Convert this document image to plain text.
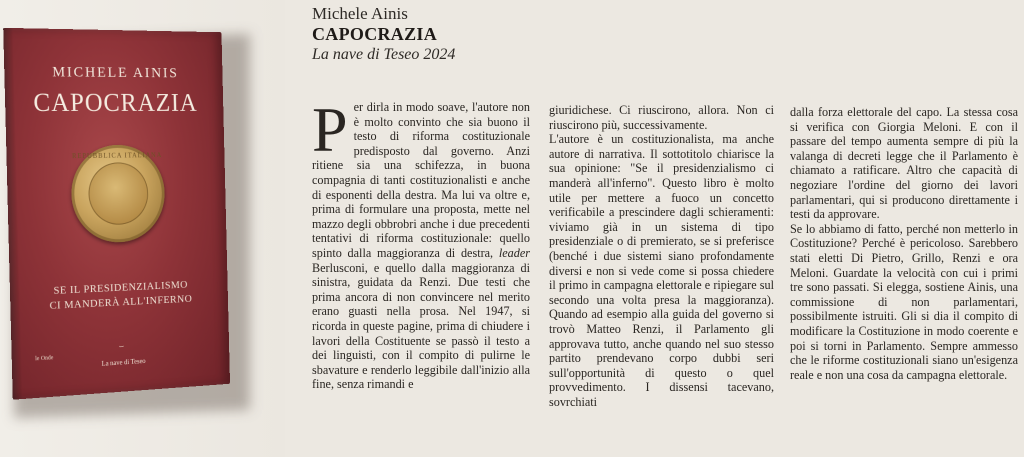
MICHELE AINIS
CAPOCRAZIA
REPUBBLICA ITALIANA
SE IL PRESIDENZIALISMO
CI MANDERÀ ALL'INFERNO
le Onde
⌣
La nave di Teseo
Michele Ainis
CAPOCRAZIA
La nave di Teseo 2024

Per dirla in modo soave, l'autore non è molto convinto che sia buono il testo di riforma costituzionale predisposto dal governo. Anzi ritiene sia una schifezza, in buona compagnia di tanti costituzionalisti e anche di esponenti della destra. Ma lui va oltre e, prima di formulare una proposta, mette nel mazzo degli obbrobri anche i due precedenti tentativi di riforma costituzionale: quello spinto dalla maggioranza di destra, leader Berlusconi, e quello dalla maggioranza di sinistra, guidata da Renzi. Due testi che prima ancora di non convincere nel merito erano guasti nella prosa. Nel 1947, si ricorda in queste pagine, prima di chiudere i lavori della Costituente se passò il testo a dei linguisti, con il compito di pulirne le sbavature e renderlo leggibile dall'inizio alla fine, senza rimandi e

giuridichese. Ci riuscirono, allora. Non ci riuscirono più, successivamente.

L'autore è un costituzionalista, ma anche autore di narrativa. Il sottotitolo chiarisce la sua opinione: "Se il presidenzialismo ci manderà all'inferno". Questo libro è molto utile per mettere a fuoco un concetto verificabile a prescindere dagli schieramenti: viviamo già in un sistema di tipo presidenziale o di premierato, se si preferisce (benché i due sistemi siano profondamente diversi e non si vede come si possa chiedere il primo in campagna elettorale e ripiegare sul secondo una volta presa la maggioranza). Quando ad esempio alla guida del governo si trovò Matteo Renzi, il Parlamento gli approvava tutto, anche quando nel suo stesso partito prendevano corpo dubbi seri sull'opportunità di questo o quel provvedimento. I dissensi tacevano, sovrchiati

dalla forza elettorale del capo. La stessa cosa si verifica con Giorgia Meloni. E con il passare del tempo aumenta sempre di più la valanga di decreti legge che il Parlamento è chiamato a ratificare. Altro che capacità di negoziare l'ordine del giorno dei lavori parlamentari, qui si producono direttamente i testi da approvare.

Se lo abbiamo di fatto, perché non metterlo in Costituzione? Perché è pericoloso. Sarebbero stati eletti Di Pietro, Grillo, Renzi e ora Meloni. Guardate la velocità con cui i primi tre sono passati. Si elegga, sostiene Ainis, una commissione di non parlamentari, possibilmente istruiti. Gli si dia il compito di modificare la Costituzione in modo coerente e poi si torni in Parlamento. Sempre ammesso che le riforme costituzionali siano un'esigenza reale e non una cosa da campagna elettorale.
